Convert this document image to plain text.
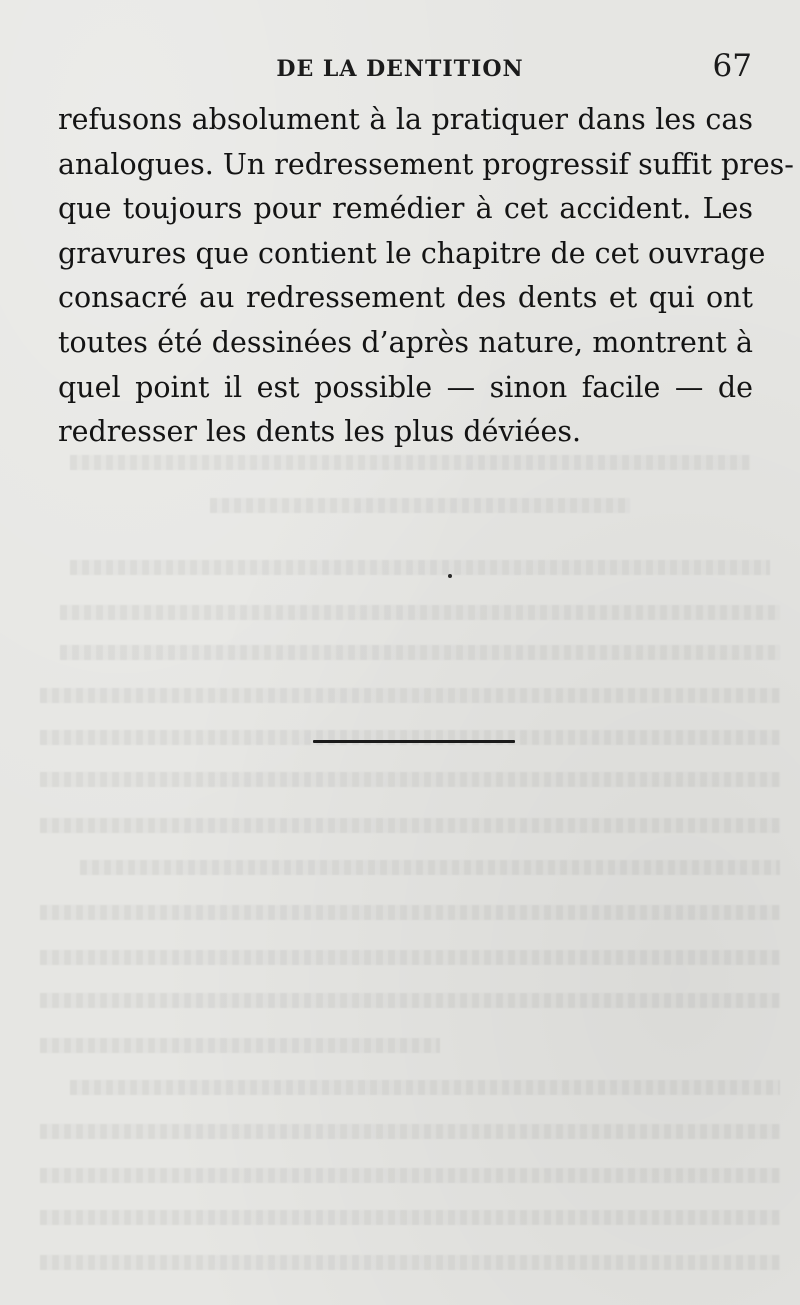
DE LA DENTITION	67
refusons absolument à la pratiquer dans les cas
analogues. Un redressement progressif suffit pres-
que toujours pour remédier à cet accident. Les
gravures que contient le chapitre de cet ouvrage
consacré au redressement des dents et qui ont
toutes été dessinées d’après nature, montrent à
quel point il est possible — sinon facile — de
redresser les dents les plus déviées.
